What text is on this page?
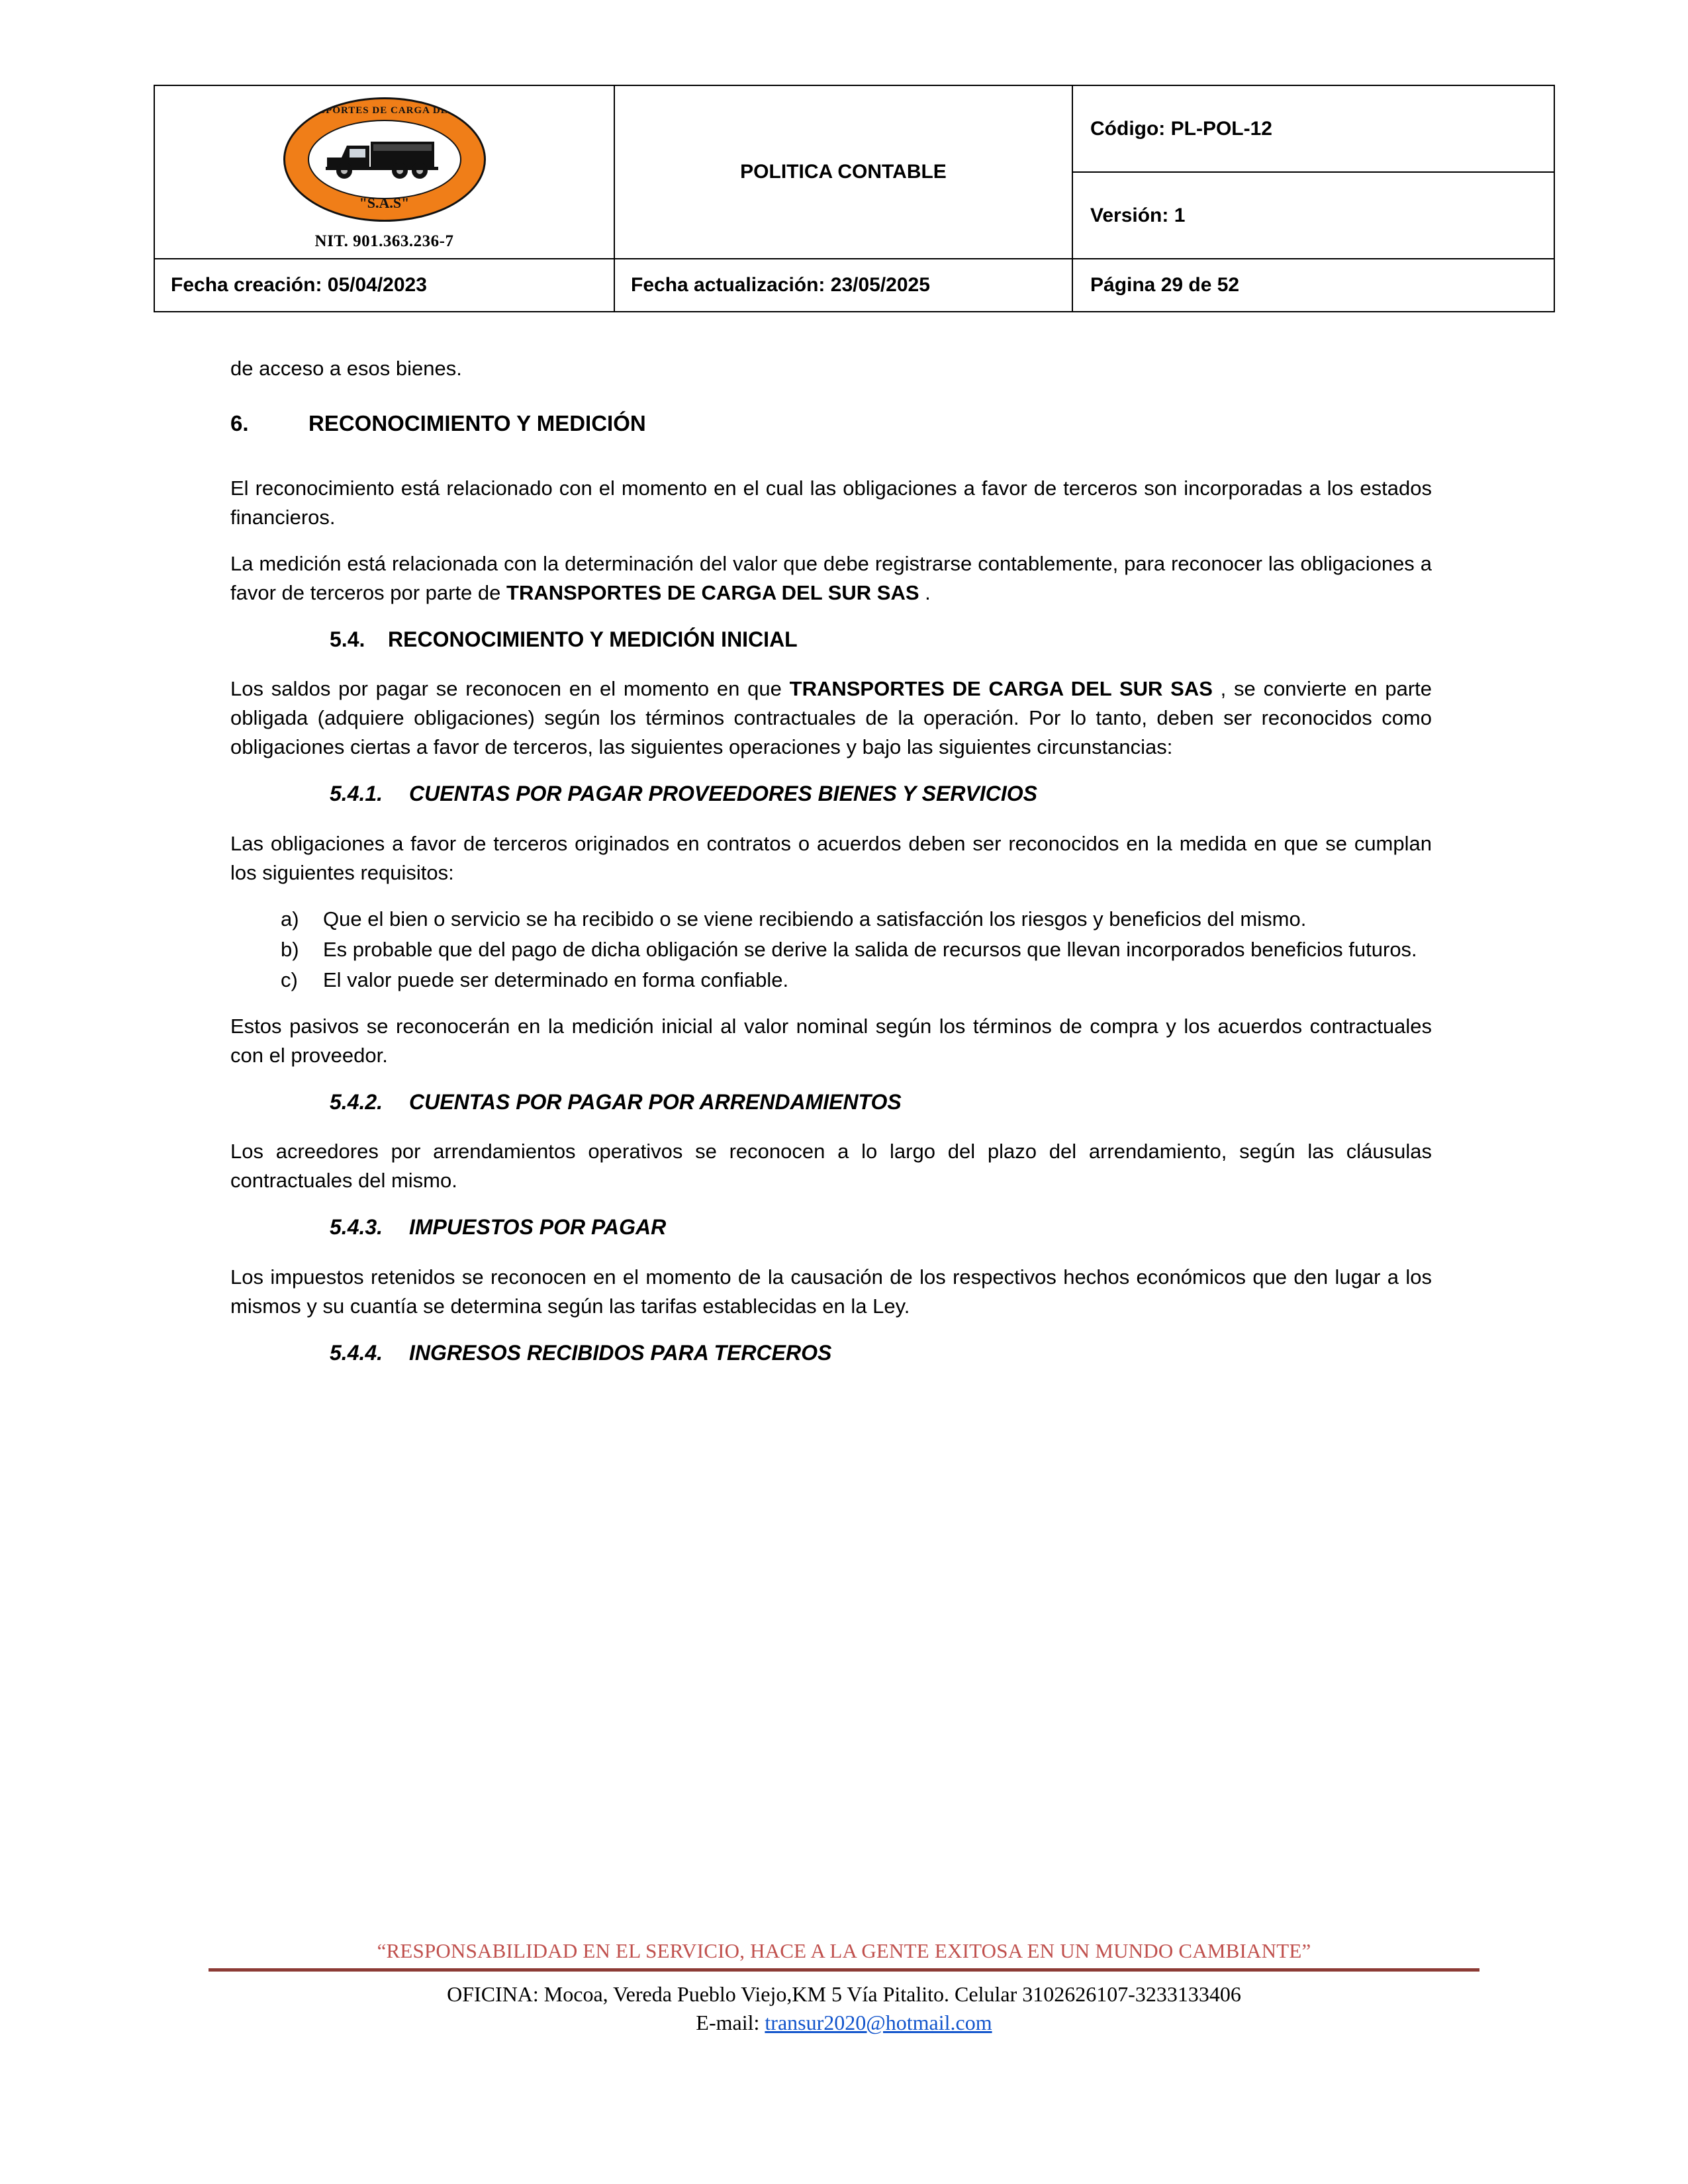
TRANSPORTES DE CARGA DEL SUR
"S.A.S"
NIT. 901.363.236-7	POLITICA CONTABLE	Código: PL-POL-12
		Versión: 1
Fecha creación: 05/04/2023	Fecha actualización: 23/05/2025	Página 29 de 52

de acceso a esos bienes.

6.	RECONOCIMIENTO Y MEDICIÓN

El reconocimiento está relacionado con el momento en el cual las obligaciones a favor de terceros son incorporadas a los estados financieros.

La medición está relacionada con la determinación del valor que debe registrarse contablemente, para reconocer las obligaciones a favor de terceros por parte de TRANSPORTES DE CARGA DEL SUR SAS .

5.4. RECONOCIMIENTO Y MEDICIÓN INICIAL

Los saldos por pagar se reconocen en el momento en que TRANSPORTES DE CARGA DEL SUR SAS , se convierte en parte obligada (adquiere obligaciones) según los términos contractuales de la operación. Por lo tanto, deben ser reconocidos como obligaciones ciertas a favor de terceros, las siguientes operaciones y bajo las siguientes circunstancias:

5.4.1. CUENTAS POR PAGAR PROVEEDORES BIENES Y SERVICIOS

Las obligaciones a favor de terceros originados en contratos o acuerdos deben ser reconocidos en la medida en que se cumplan los siguientes requisitos:

a) Que el bien o servicio se ha recibido o se viene recibiendo a satisfacción los riesgos y beneficios del mismo.
b) Es probable que del pago de dicha obligación se derive la salida de recursos que llevan incorporados beneficios futuros.
c) El valor puede ser determinado en forma confiable.

Estos pasivos se reconocerán en la medición inicial al valor nominal según los términos de compra y los acuerdos contractuales con el proveedor.

5.4.2. CUENTAS POR PAGAR POR ARRENDAMIENTOS

Los acreedores por arrendamientos operativos se reconocen a lo largo del plazo del arrendamiento, según las cláusulas contractuales del mismo.

5.4.3. IMPUESTOS POR PAGAR

Los impuestos retenidos se reconocen en el momento de la causación de los respectivos hechos económicos que den lugar a los mismos y su cuantía se determina según las tarifas establecidas en la Ley.

5.4.4. INGRESOS RECIBIDOS PARA TERCEROS

“RESPONSABILIDAD EN EL SERVICIO, HACE A LA GENTE EXITOSA EN UN MUNDO CAMBIANTE”
OFICINA: Mocoa, Vereda Pueblo Viejo,KM 5 Vía Pitalito. Celular 3102626107-3233133406
E-mail: transur2020@hotmail.com
